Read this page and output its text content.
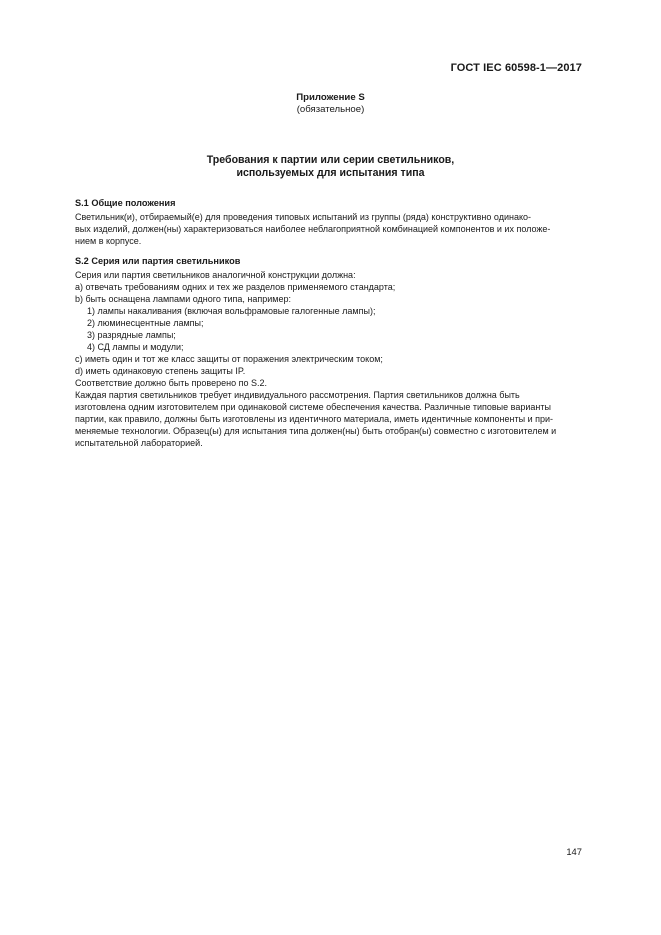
ГОСТ IEC 60598-1—2017
Приложение S
(обязательное)
Требования к партии или серии светильников,
используемых для испытания типа
S.1 Общие положения
Светильник(и), отбираемый(е) для проведения типовых испытаний из группы (ряда) конструктивно одинако-
вых изделий, должен(ны) характеризоваться наиболее неблагоприятной комбинацией компонентов и их положе-
нием в корпусе.
S.2 Серия или партия светильников
Серия или партия светильников аналогичной конструкции должна:
а) отвечать требованиям одних и тех же разделов применяемого стандарта;
b) быть оснащена лампами одного типа, например:
1) лампы накаливания (включая вольфрамовые галогенные лампы);
2) люминесцентные лампы;
3) разрядные лампы;
4) СД лампы и модули;
с) иметь один и тот же класс защиты от поражения электрическим током;
d) иметь одинаковую степень защиты IP.
Соответствие должно быть проверено по S.2.
Каждая партия светильников требует индивидуального рассмотрения. Партия светильников должна быть
изготовлена одним изготовителем при одинаковой системе обеспечения качества. Различные типовые варианты
партии, как правило, должны быть изготовлены из идентичного материала, иметь идентичные компоненты и при-
меняемые технологии. Образец(ы) для испытания типа должен(ны) быть отобран(ы) совместно с изготовителем и
испытательной лабораторией.
147
